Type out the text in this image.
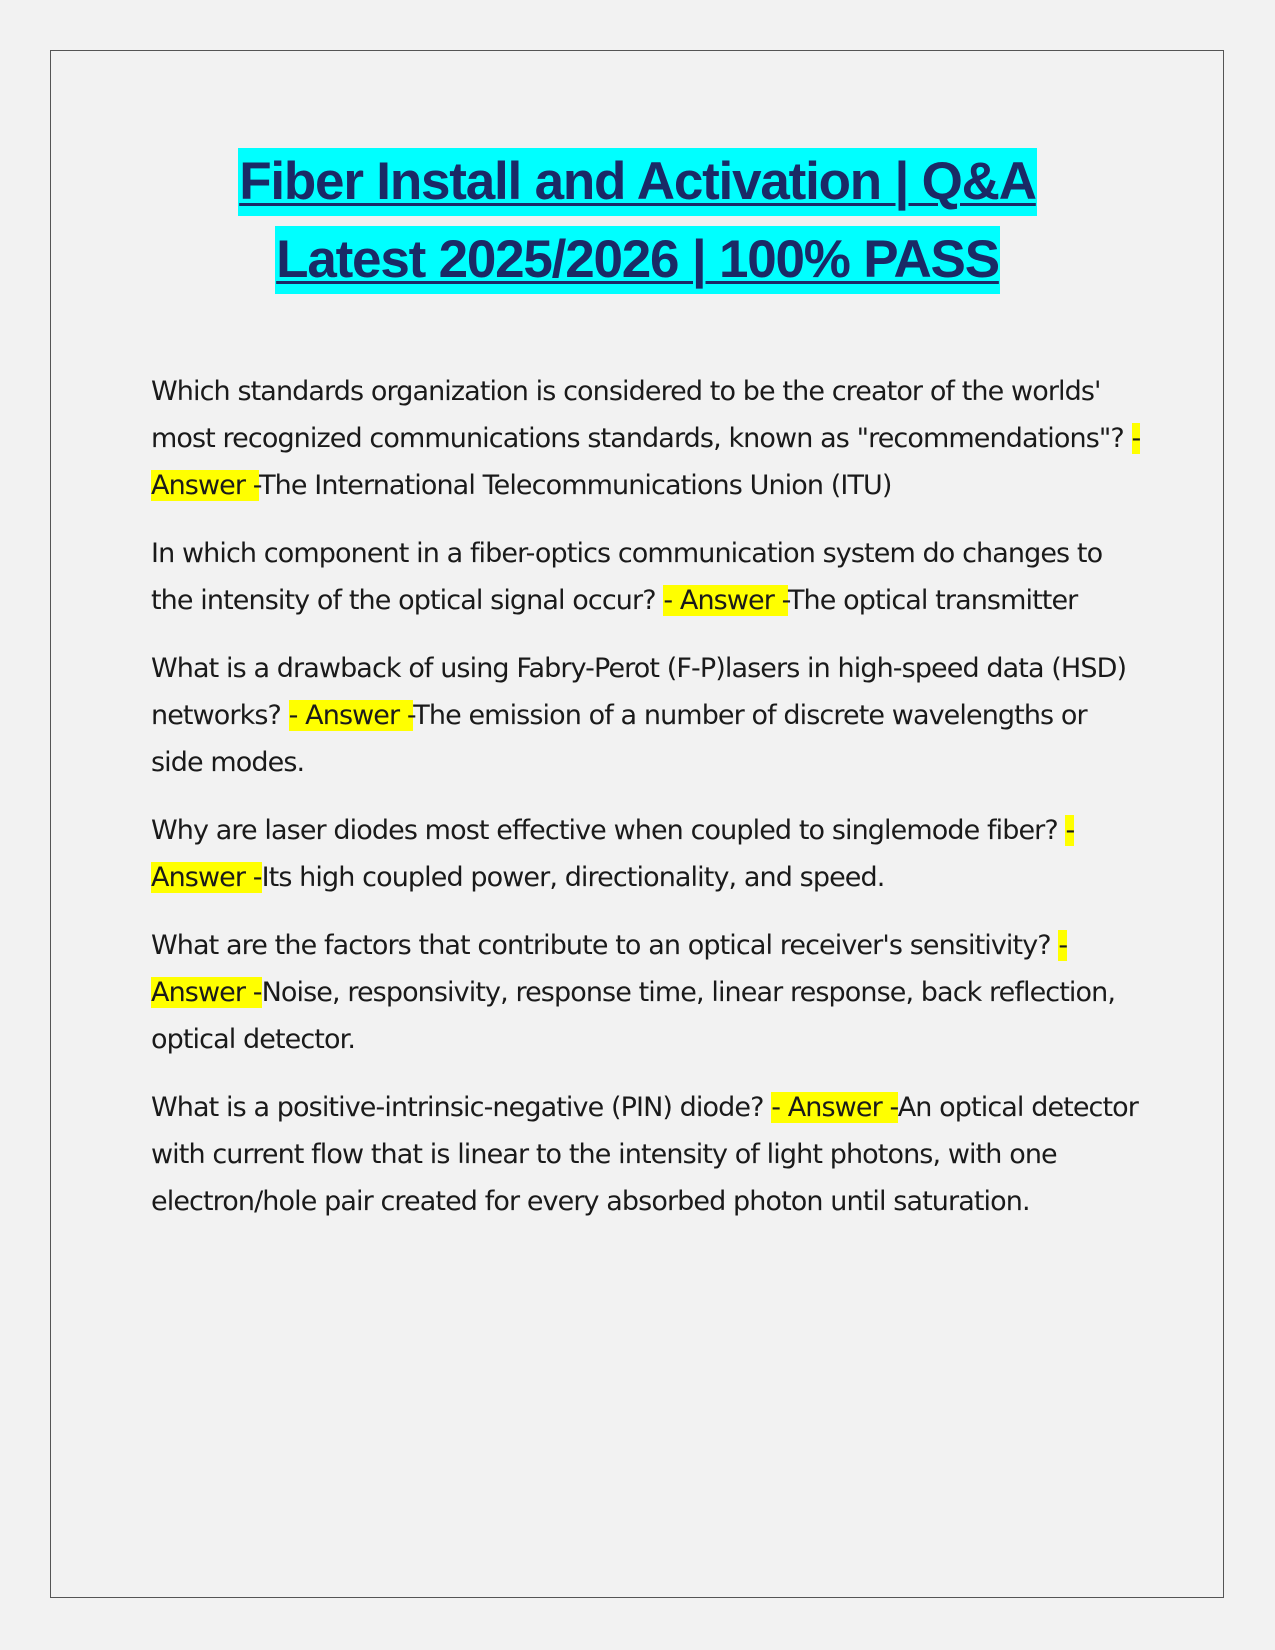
Fiber Install and Activation | Q&A
Latest 2025/2026 | 100% PASS

Which standards organization is considered to be the creator of the worlds' most recognized communications standards, known as "recommendations"? - Answer -The International Telecommunications Union (ITU)

In which component in a fiber-optics communication system do changes to the intensity of the optical signal occur? - Answer -The optical transmitter

What is a drawback of using Fabry-Perot (F-P)lasers in high-speed data (HSD) networks? - Answer -The emission of a number of discrete wavelengths or side modes.

Why are laser diodes most effective when coupled to singlemode fiber? - Answer -Its high coupled power, directionality, and speed.

What are the factors that contribute to an optical receiver's sensitivity? - Answer -Noise, responsivity, response time, linear response, back reflection, optical detector.

What is a positive-intrinsic-negative (PIN) diode? - Answer -An optical detector with current flow that is linear to the intensity of light photons, with one electron/hole pair created for every absorbed photon until saturation.
